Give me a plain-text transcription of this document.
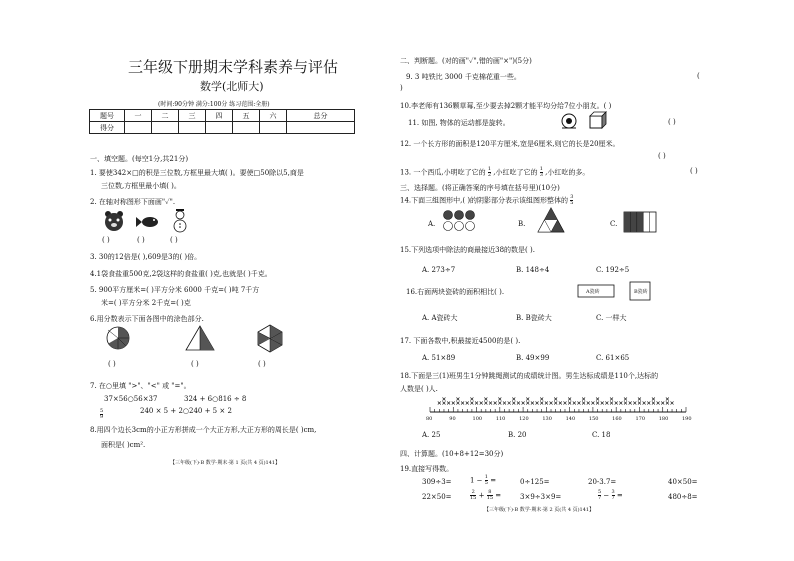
三年级下册期末学科素养与评估
数学(北师大)
(时间:90分钟 满分:100分 练习范围:全册)
题号	一	二	三	四	五	六	总分
得分							
一、填空题。(每空1分,共21分)
1. 要使342×□的积是三位数,方框里最大填( )。要使□50除以5,商是
三位数,方框里最小填( )。
2. 在轴对称图形下面画"✓".
( )	( )	( )
3. 30的12倍是( ),609是3的( )倍。
4.1袋食盐重500克,2袋这样的食盐重( )克,也就是( )千克。
5. 900平方厘米=( )平方分米 6000 千克=( )吨 7千方
米=( )平方分米 2千克=( )克
6.用分数表示下面各图中的涂色部分.
( )	( )	( )
7. 在○里填 ">"、"<" 或 "="。
37×56○56×37	324 + 6○816 ÷ 8
$\frac{5}{9}$	240 × 5 + 2○240 + 5 × 2
8.用四个边长3cm的小正方形拼成一个大正方形,大正方形的周长是( )cm,
面积是( )cm².
【三年级(下)·B 数学·期末·第 1 页(共 4 页)141】
二、判断题。(对的画"✓",错的画"×")(5分)
9. 3 吨铁比 3000 千克棉花重一些。	(
)
10.李老师有136颗草莓,至少要去掉2颗才能平均分给7位小朋友。( )
11. 如图, 物体的运动都是旋转。	( )
12. 一个长方形的面积是120平方厘米,宽是6厘米,则它的长是20厘米。
( )
13. 一个西瓜,小明吃了它的 $\frac{1}{2}$ ,小红吃了它的 $\frac{1}{3}$ ,小红吃的多。	( )
三、选择题。(将正确答案的序号填在括号里)(10分)
14.下面三组图形中,( )的阴影部分表示该组图形整体的 $\frac{3}{5}$
A.	B.	C.
15.下列选项中除法的商最接近38的数是( ).
A. 273÷7	B. 148÷4	C. 192÷5
16.右面两块瓷砖的面积相比( ).	A瓷砖	B瓷砖
A. A瓷砖大	B. B瓷砖大	C. 一样大
17. 下面各数中,积最接近4500的是( ).
A. 51×89	B. 49×99	C. 61×65
18.下面是三(1)班男生1分钟跳绳测试的成绩统计图。男生达标成绩是110个,达标的
人数是( )人.
80	90	100	110	120	130	140	150	160	170	180	190
A. 25	B. 20	C. 18
四、计算题。(10+8+12=30分)
19.直接写得数。
309÷3=	$1 - \frac{1}{5}$ =	0÷125=	20-3.7=	40×50=
22×50=	$\frac{2}{15} + \frac{8}{15}$ =	3×9÷3×9=	$\frac{5}{7} - \frac{3}{7}$ =	480÷8=
【三年级(下)·B 数学·期末·第 2 页(共 4 页)141】
